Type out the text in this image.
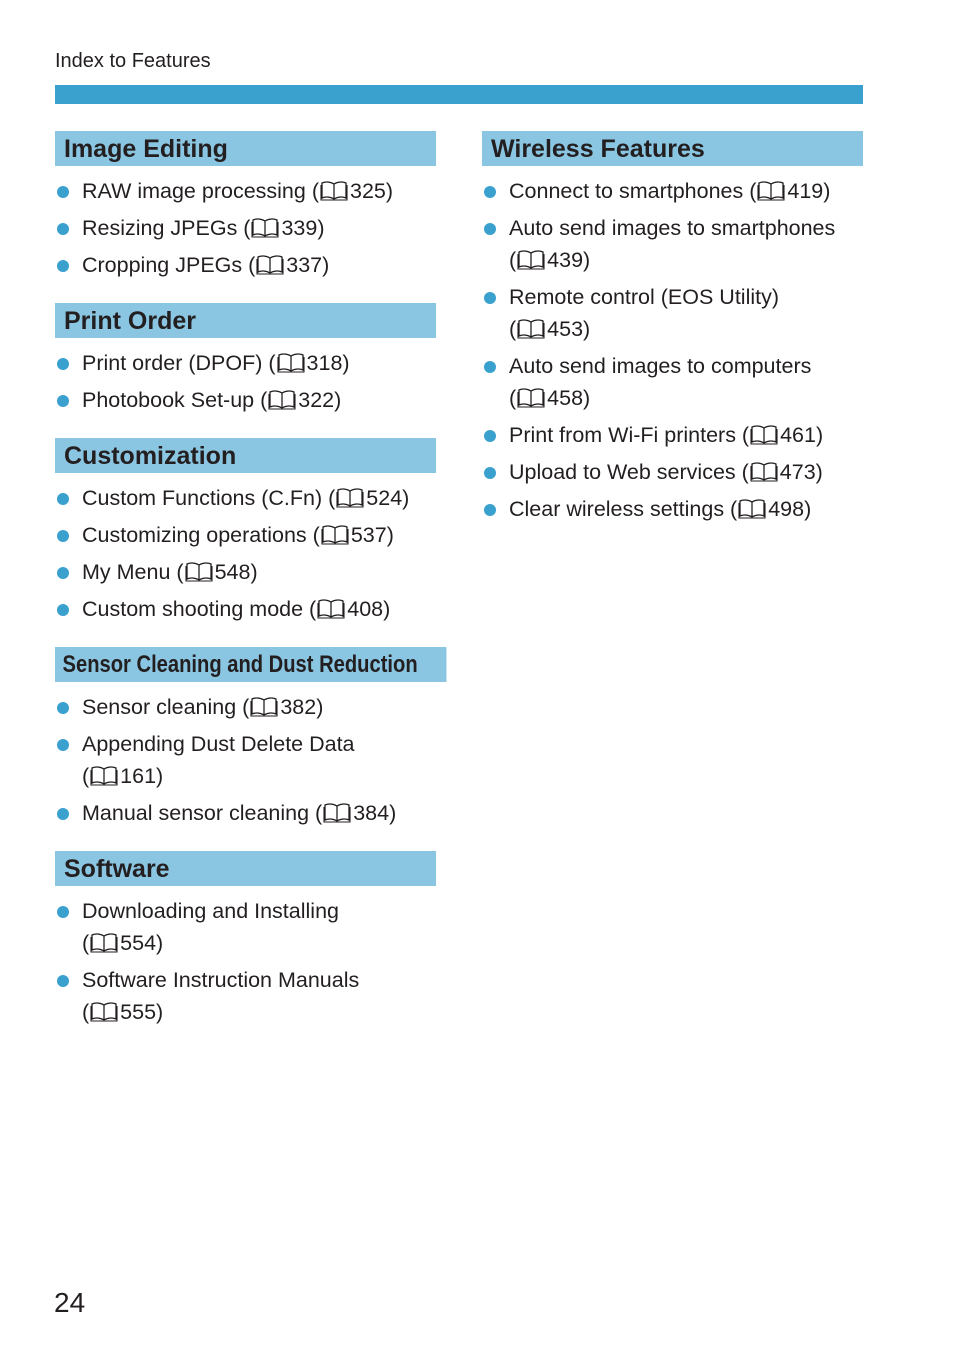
Index to Features
Image Editing
RAW image processing ( 325)
Resizing JPEGs ( 339)
Cropping JPEGs ( 337)
Print Order
Print order (DPOF) ( 318)
Photobook Set-up ( 322)
Customization
Custom Functions (C.Fn) ( 524)
Customizing operations ( 537)
My Menu ( 548)
Custom shooting mode ( 408)
Sensor Cleaning and Dust Reduction
Sensor cleaning ( 382)
Appending Dust Delete Data
( 161)
Manual sensor cleaning ( 384)
Software
Downloading and Installing
( 554)
Software Instruction Manuals
( 555)
Wireless Features
Connect to smartphones ( 419)
Auto send images to smartphones
( 439)
Remote control (EOS Utility)
( 453)
Auto send images to computers
( 458)
Print from Wi-Fi printers ( 461)
Upload to Web services ( 473)
Clear wireless settings ( 498)
24
